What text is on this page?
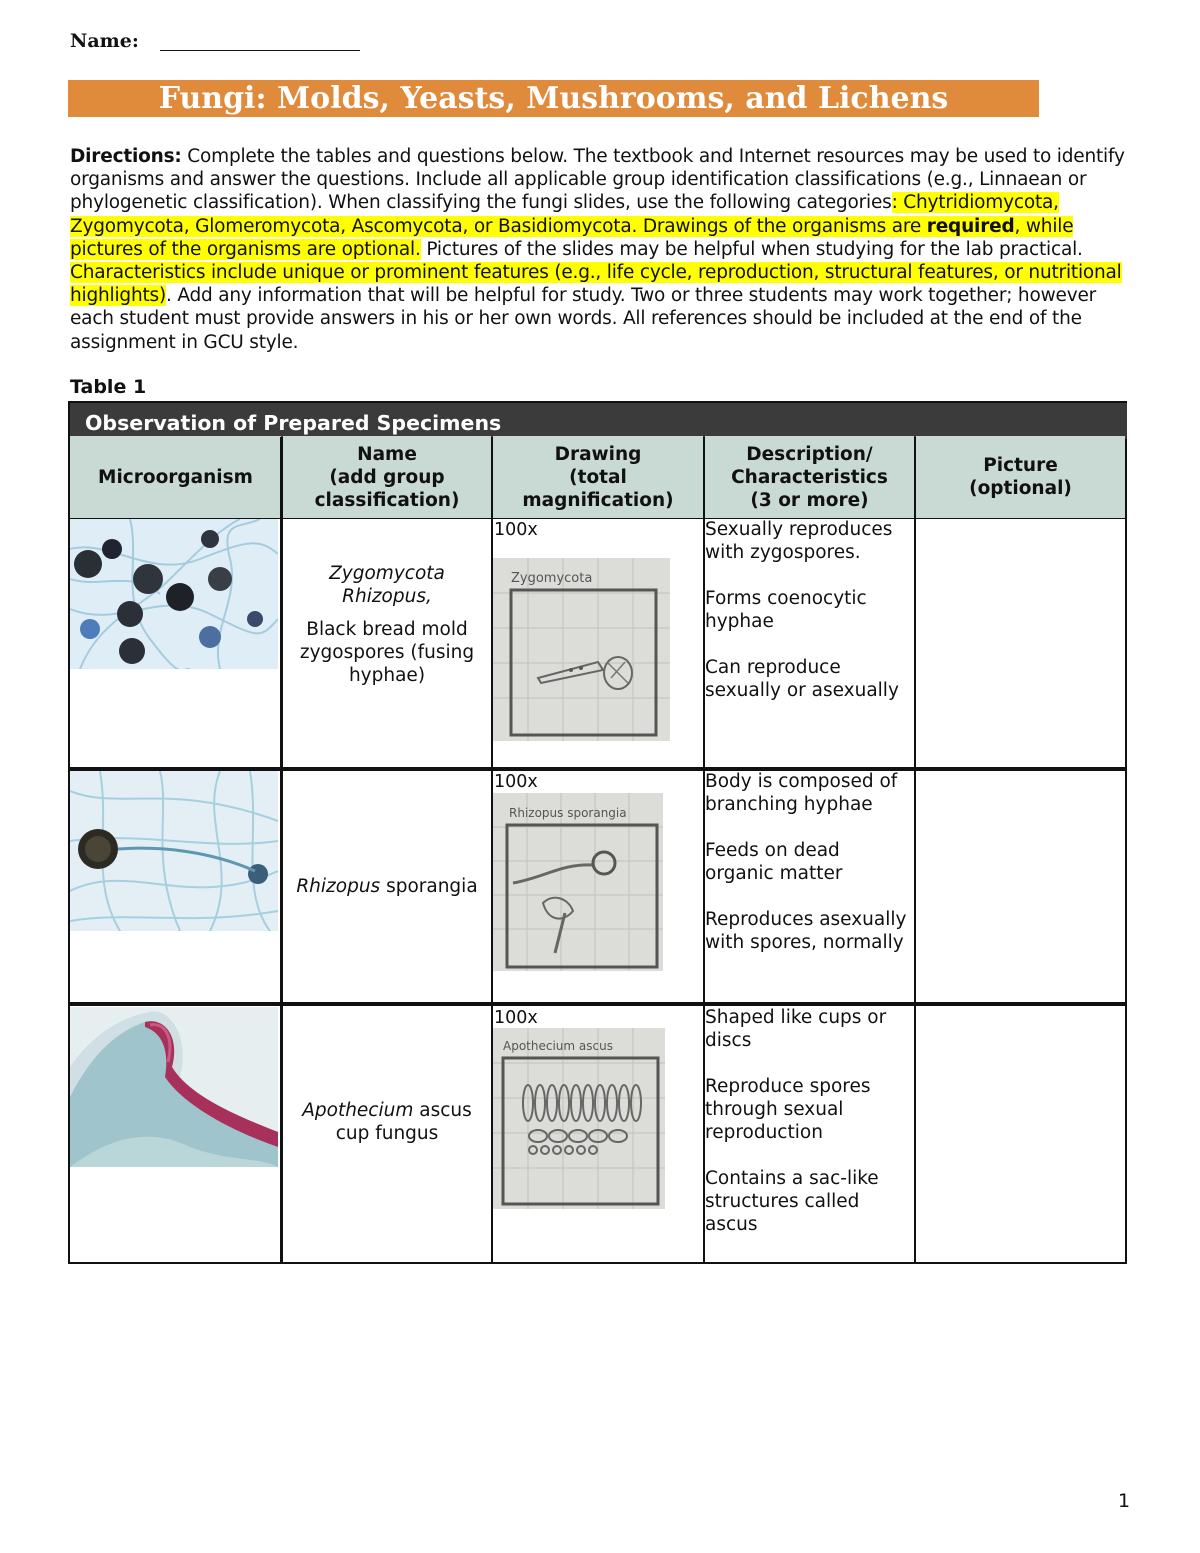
Name:
Fungi: Molds, Yeasts, Mushrooms, and Lichens
Directions: Complete the tables and questions below. The textbook and Internet resources may be used to identify organisms and answer the questions. Include all applicable group identification classifications (e.g., Linnaean or phylogenetic classification). When classifying the fungi slides, use the following categories: Chytridiomycota, Zygomycota, Glomeromycota, Ascomycota, or Basidiomycota. Drawings of the organisms are required, while pictures of the organisms are optional. Pictures of the slides may be helpful when studying for the lab practical. Characteristics include unique or prominent features (e.g., life cycle, reproduction, structural features, or nutritional highlights). Add any information that will be helpful for study. Two or three students may work together; however each student must provide answers in his or her own words. All references should be included at the end of the assignment in GCU style.
Table 1
Observation of Prepared Specimens
Microorganism
Name
(add group classification)
Drawing
(total magnification)
Description/ Characteristics
(3 or more)
Picture
(optional)
Zygomycota
Rhizopus,
Black bread mold zygospores (fusing hyphae)
100x
Zygomycota
Sexually reproduces with zygospores.
Forms coenocytic hyphae
Can reproduce sexually or asexually
Rhizopus sporangia
100x
Rhizopus sporangia
Body is composed of branching hyphae
Feeds on dead organic matter
Reproduces asexually with spores, normally
Apothecium ascus cup fungus
100x
Apothecium ascus
Shaped like cups or discs
Reproduce spores through sexual reproduction
Contains a sac-like structures called ascus
1
